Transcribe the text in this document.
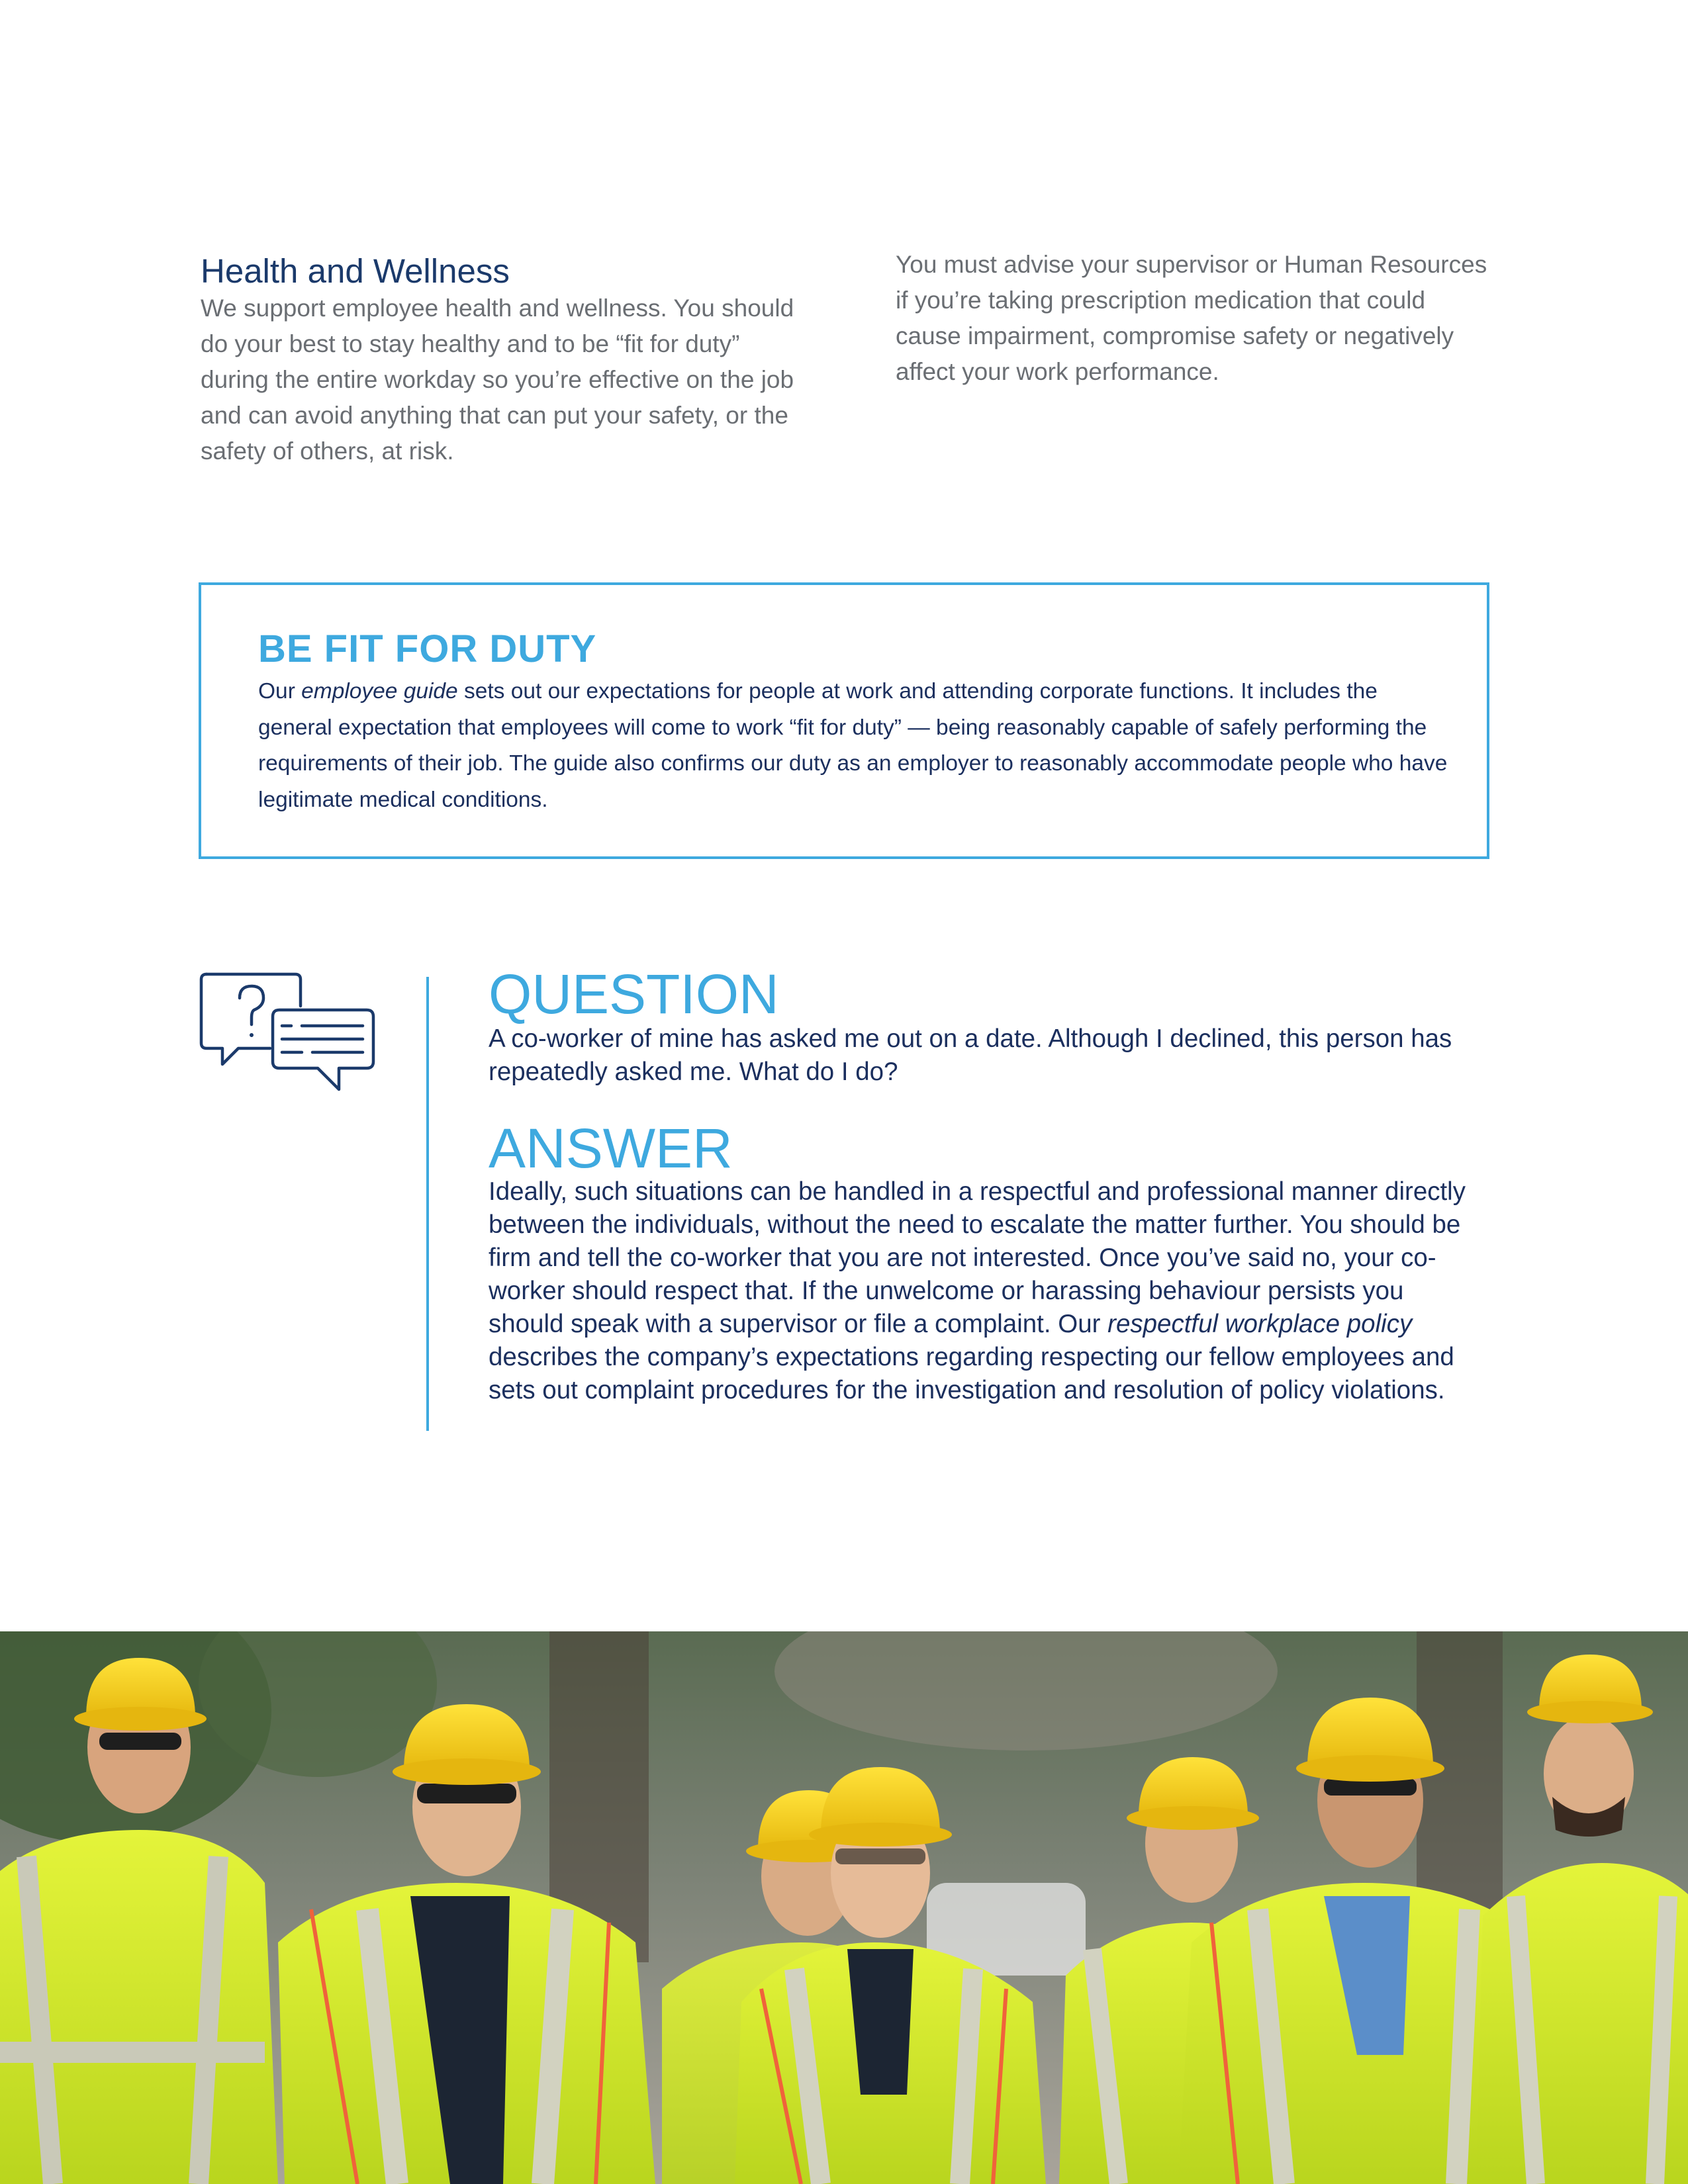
Health and Wellness

We support employee health and wellness. You should do your best to stay healthy and to be “fit for duty” during the entire workday so you’re effective on the job and can avoid anything that can put your safety, or the safety of others, at risk.

You must advise your supervisor or Human Resources if you’re taking prescription medication that could cause impairment, compromise safety or negatively affect your work performance.

BE FIT FOR DUTY

Our employee guide sets out our expectations for people at work and attending corporate functions. It includes the general expectation that employees will come to work “fit for duty” — being reasonably capable of safely performing the requirements of their job. The guide also confirms our duty as an employer to reasonably accommodate people who have legitimate medical conditions.

QUESTION

A co-worker of mine has asked me out on a date. Although I declined, this person has repeatedly asked me. What do I do?

ANSWER

Ideally, such situations can be handled in a respectful and professional manner directly between the individuals, without the need to escalate the matter further. You should be firm and tell the co-worker that you are not interested. Once you’ve said no, your co-worker should respect that. If the unwelcome or harassing behaviour persists you should speak with a supervisor or file a complaint. Our respectful workplace policy describes the company’s expectations regarding respecting our fellow employees and sets out complaint procedures for the investigation and resolution of policy violations.
